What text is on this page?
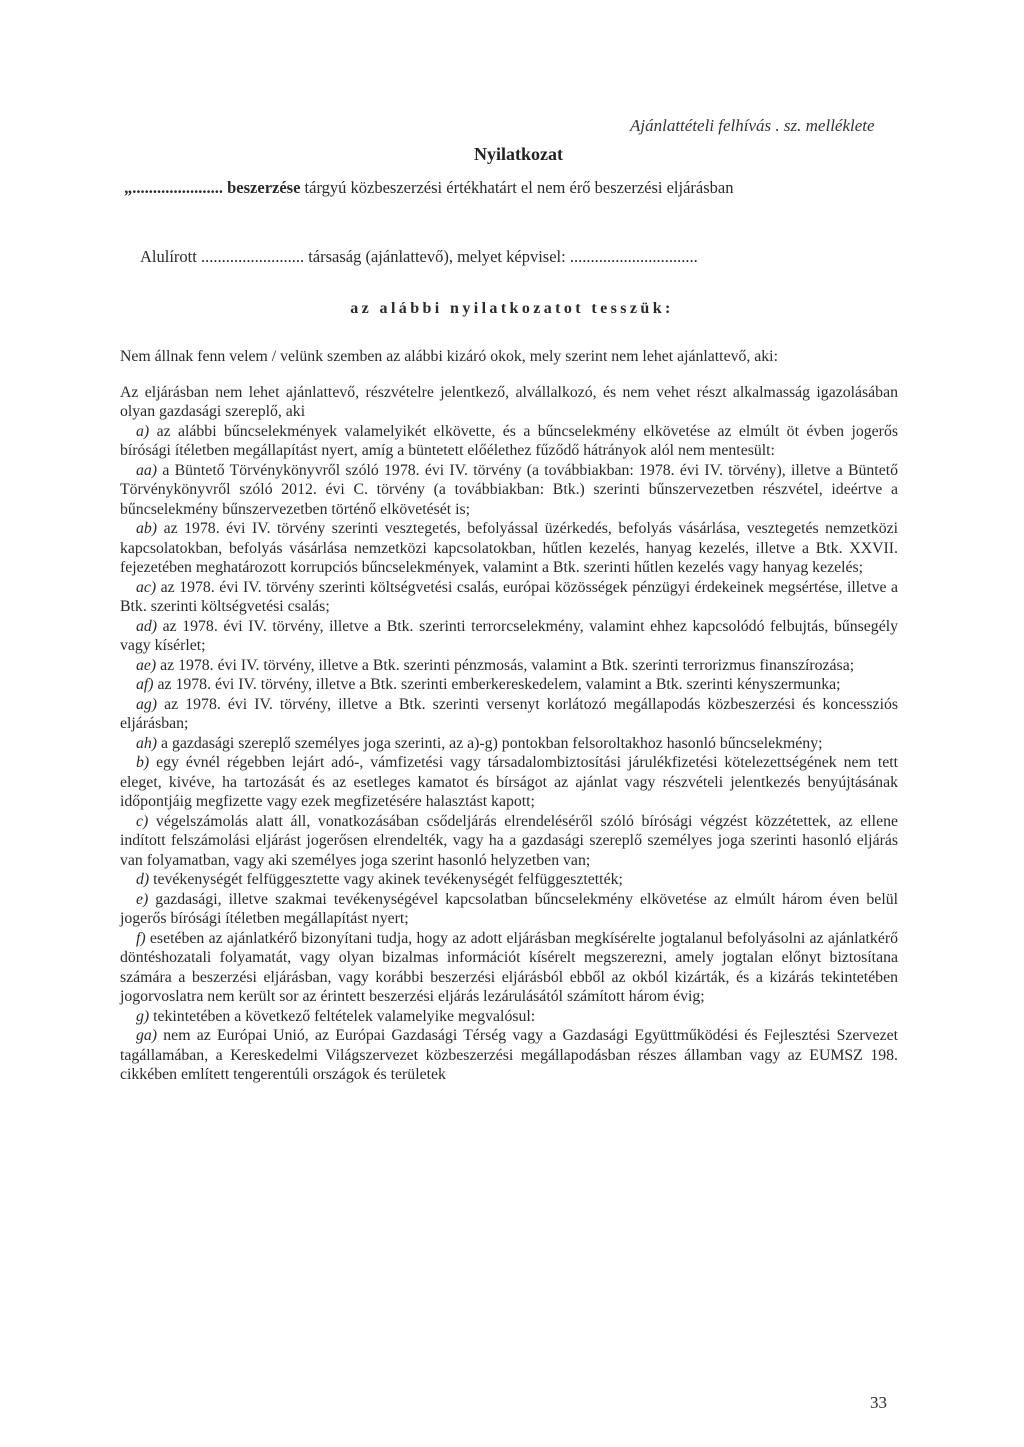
Ajánlattételi felhívás . sz. melléklete
Nyilatkozat
„...................... beszerzése tárgyú közbeszerzési értékhatárt el nem érő beszerzési eljárásban
Alulírott ......................... társaság (ajánlattevő), melyet képvisel: ...............................
az alábbi nyilatkozatot tesszük:

Nem állnak fenn velem / velünk szemben az alábbi kizáró okok, mely szerint nem lehet ajánlattevő, aki:

Az eljárásban nem lehet ajánlattevő, részvételre jelentkező, alvállalkozó, és nem vehet részt alkalmasság igazolásában olyan gazdasági szereplő, aki

a) az alábbi bűncselekmények valamelyikét elkövette, és a bűncselekmény elkövetése az elmúlt öt évben jogerős bírósági ítéletben megállapítást nyert, amíg a büntetett előélethez fűződő hátrányok alól nem mentesült:

aa) a Büntető Törvénykönyvről szóló 1978. évi IV. törvény (a továbbiakban: 1978. évi IV. törvény), illetve a Büntető Törvénykönyvről szóló 2012. évi C. törvény (a továbbiakban: Btk.) szerinti bűnszervezetben részvétel, ideértve a bűncselekmény bűnszervezetben történő elkövetését is;

ab) az 1978. évi IV. törvény szerinti vesztegetés, befolyással üzérkedés, befolyás vásárlása, vesztegetés nemzetközi kapcsolatokban, befolyás vásárlása nemzetközi kapcsolatokban, hűtlen kezelés, hanyag kezelés, illetve a Btk. XXVII. fejezetében meghatározott korrupciós bűncselekmények, valamint a Btk. szerinti hűtlen kezelés vagy hanyag kezelés;

ac) az 1978. évi IV. törvény szerinti költségvetési csalás, európai közösségek pénzügyi érdekeinek megsértése, illetve a Btk. szerinti költségvetési csalás;

ad) az 1978. évi IV. törvény, illetve a Btk. szerinti terrorcselekmény, valamint ehhez kapcsolódó felbujtás, bűnsegély vagy kísérlet;

ae) az 1978. évi IV. törvény, illetve a Btk. szerinti pénzmosás, valamint a Btk. szerinti terrorizmus finanszírozása;

af) az 1978. évi IV. törvény, illetve a Btk. szerinti emberkereskedelem, valamint a Btk. szerinti kényszermunka;

ag) az 1978. évi IV. törvény, illetve a Btk. szerinti versenyt korlátozó megállapodás közbeszerzési és koncessziós eljárásban;

ah) a gazdasági szereplő személyes joga szerinti, az a)-g) pontokban felsoroltakhoz hasonló bűncselekmény;

b) egy évnél régebben lejárt adó-, vámfizetési vagy társadalombiztosítási járulékfizetési kötelezettségének nem tett eleget, kivéve, ha tartozását és az esetleges kamatot és bírságot az ajánlat vagy részvételi jelentkezés benyújtásának időpontjáig megfizette vagy ezek megfizetésére halasztást kapott;

c) végelszámolás alatt áll, vonatkozásában csődeljárás elrendeléséről szóló bírósági végzést közzétettek, az ellene indított felszámolási eljárást jogerősen elrendelték, vagy ha a gazdasági szereplő személyes joga szerinti hasonló eljárás van folyamatban, vagy aki személyes joga szerint hasonló helyzetben van;

d) tevékenységét felfüggesztette vagy akinek tevékenységét felfüggesztették;

e) gazdasági, illetve szakmai tevékenységével kapcsolatban bűncselekmény elkövetése az elmúlt három éven belül jogerős bírósági ítéletben megállapítást nyert;

f) esetében az ajánlatkérő bizonyítani tudja, hogy az adott eljárásban megkísérelte jogtalanul befolyásolni az ajánlatkérő döntéshozatali folyamatát, vagy olyan bizalmas információt kísérelt megszerezni, amely jogtalan előnyt biztosítana számára a beszerzési eljárásban, vagy korábbi beszerzési eljárásból ebből az okból kizárták, és a kizárás tekintetében jogorvoslatra nem került sor az érintett beszerzési eljárás lezárulásától számított három évig;

g) tekintetében a következő feltételek valamelyike megvalósul:

ga) nem az Európai Unió, az Európai Gazdasági Térség vagy a Gazdasági Együttműködési és Fejlesztési Szervezet tagállamában, a Kereskedelmi Világszervezet közbeszerzési megállapodásban részes államban vagy az EUMSZ 198. cikkében említett tengerentúli országok és területek

33
